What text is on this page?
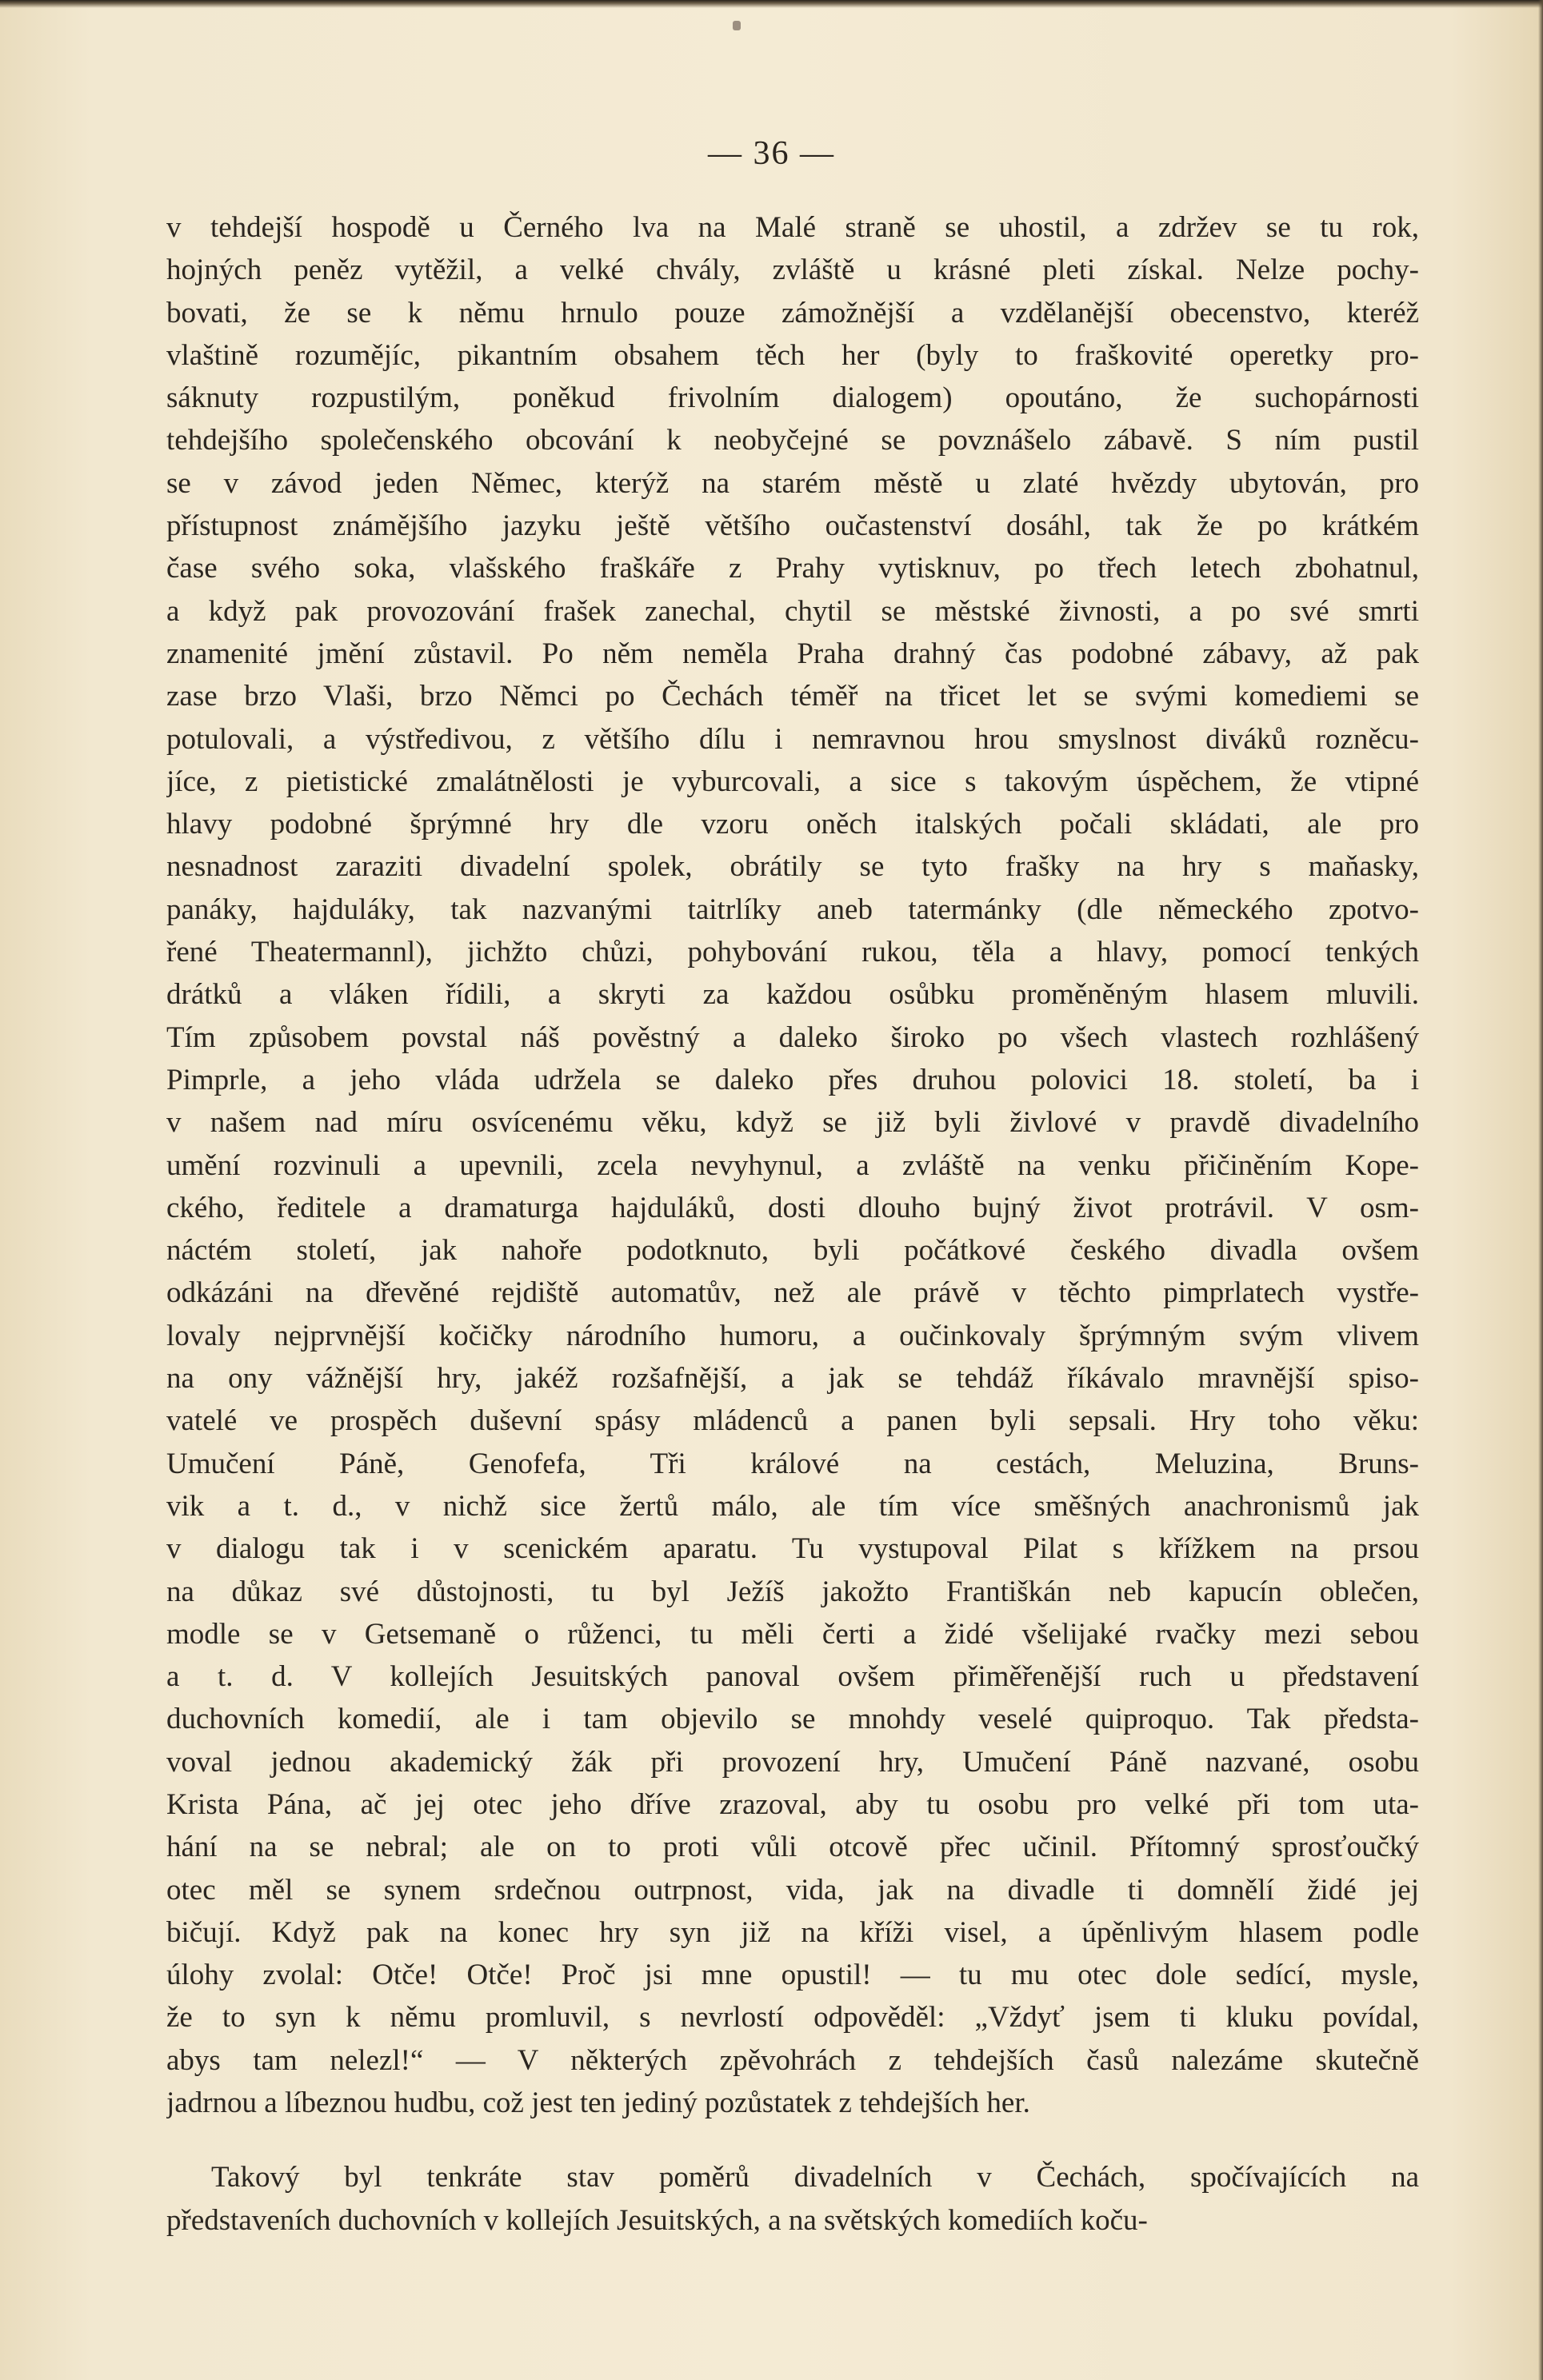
— 36 —
v tehdejší hospodě u Černého lva na Malé straně se uhostil, a zdržev se tu rok,
hojných peněz vytěžil, a velké chvály, zvláště u krásné pleti získal. Nelze pochy-
bovati, že se k němu hrnulo pouze zámožnější a vzdělanější obecenstvo, kteréž
vlaštině rozumějíc, pikantním obsahem těch her (byly to fraškovité operetky pro-
sáknuty rozpustilým, poněkud frivolním dialogem) opoutáno, že suchopárnosti
tehdejšího společenského obcování k neobyčejné se povznášelo zábavě. S ním pustil
se v závod jeden Němec, kterýž na starém městě u zlaté hvězdy ubytován, pro
přístupnost známějšího jazyku ještě většího oučastenství dosáhl, tak že po krátkém
čase svého soka, vlašského fraškáře z Prahy vytisknuv, po třech letech zbohatnul,
a když pak provozování frašek zanechal, chytil se městské živnosti, a po své smrti
znamenité jmění zůstavil. Po něm neměla Praha drahný čas podobné zábavy, až pak
zase brzo Vlaši, brzo Němci po Čechách téměř na třicet let se svými komediemi se
potulovali, a výstředivou, z většího dílu i nemravnou hrou smyslnost diváků rozněcu-
jíce, z pietistické zmalátnělosti je vyburcovali, a sice s takovým úspěchem, že vtipné
hlavy podobné šprýmné hry dle vzoru oněch italských počali skládati, ale pro
nesnadnost zaraziti divadelní spolek, obrátily se tyto frašky na hry s maňasky,
panáky, hajduláky, tak nazvanými taitrlíky aneb tatermánky (dle německého zpotvo-
řené Theatermannl), jichžto chůzi, pohybování rukou, těla a hlavy, pomocí tenkých
drátků a vláken řídili, a skryti za každou osůbku proměněným hlasem mluvili.
Tím způsobem povstal náš pověstný a daleko široko po všech vlastech rozhlášený
Pimprle, a jeho vláda udržela se daleko přes druhou polovici 18. století, ba i
v našem nad míru osvícenému věku, když se již byli živlové v pravdě divadelního
umění rozvinuli a upevnili, zcela nevyhynul, a zvláště na venku přičiněním Kope-
ckého, ředitele a dramaturga hajduláků, dosti dlouho bujný život protrávil. V osm-
náctém století, jak nahoře podotknuto, byli počátkové českého divadla ovšem
odkázáni na dřevěné rejdiště automatův, než ale právě v těchto pimprlatech vystře-
lovaly nejprvnější kočičky národního humoru, a oučinkovaly šprýmným svým vlivem
na ony vážnější hry, jakéž rozšafnější, a jak se tehdáž říkávalo mravnější spiso-
vatelé ve prospěch duševní spásy mládenců a panen byli sepsali. Hry toho věku:
Umučení Páně, Genofefa, Tři králové na cestách, Meluzina, Bruns-
vik a t. d., v nichž sice žertů málo, ale tím více směšných anachronismů jak
v dialogu tak i v scenickém aparatu. Tu vystupoval Pilat s křížkem na prsou
na důkaz své důstojnosti, tu byl Ježíš jakožto Františkán neb kapucín oblečen,
modle se v Getsemaně o růženci, tu měli čerti a židé všelijaké rvačky mezi sebou
a t. d. V kollejích Jesuitských panoval ovšem přiměřenější ruch u představení
duchovních komedií, ale i tam objevilo se mnohdy veselé quiproquo. Tak předsta-
voval jednou akademický žák při provození hry, Umučení Páně nazvané, osobu
Krista Pána, ač jej otec jeho dříve zrazoval, aby tu osobu pro velké při tom uta-
hání na se nebral; ale on to proti vůli otcově přec učinil. Přítomný sprosťoučký
otec měl se synem srdečnou outrpnost, vida, jak na divadle ti domnělí židé jej
bičují. Když pak na konec hry syn již na kříži visel, a úpěnlivým hlasem podle
úlohy zvolal: Otče! Otče! Proč jsi mne opustil! — tu mu otec dole sedící, mysle,
že to syn k němu promluvil, s nevrlostí odpověděl: „Vždyť jsem ti kluku povídal,
abys tam nelezl!“ — V některých zpěvohrách z tehdejších časů nalezáme skutečně
jadrnou a líbeznou hudbu, což jest ten jediný pozůstatek z tehdejších her.
Takový byl tenkráte stav poměrů divadelních v Čechách, spočívajících na
představeních duchovních v kollejích Jesuitských, a na světských komediích koču-
